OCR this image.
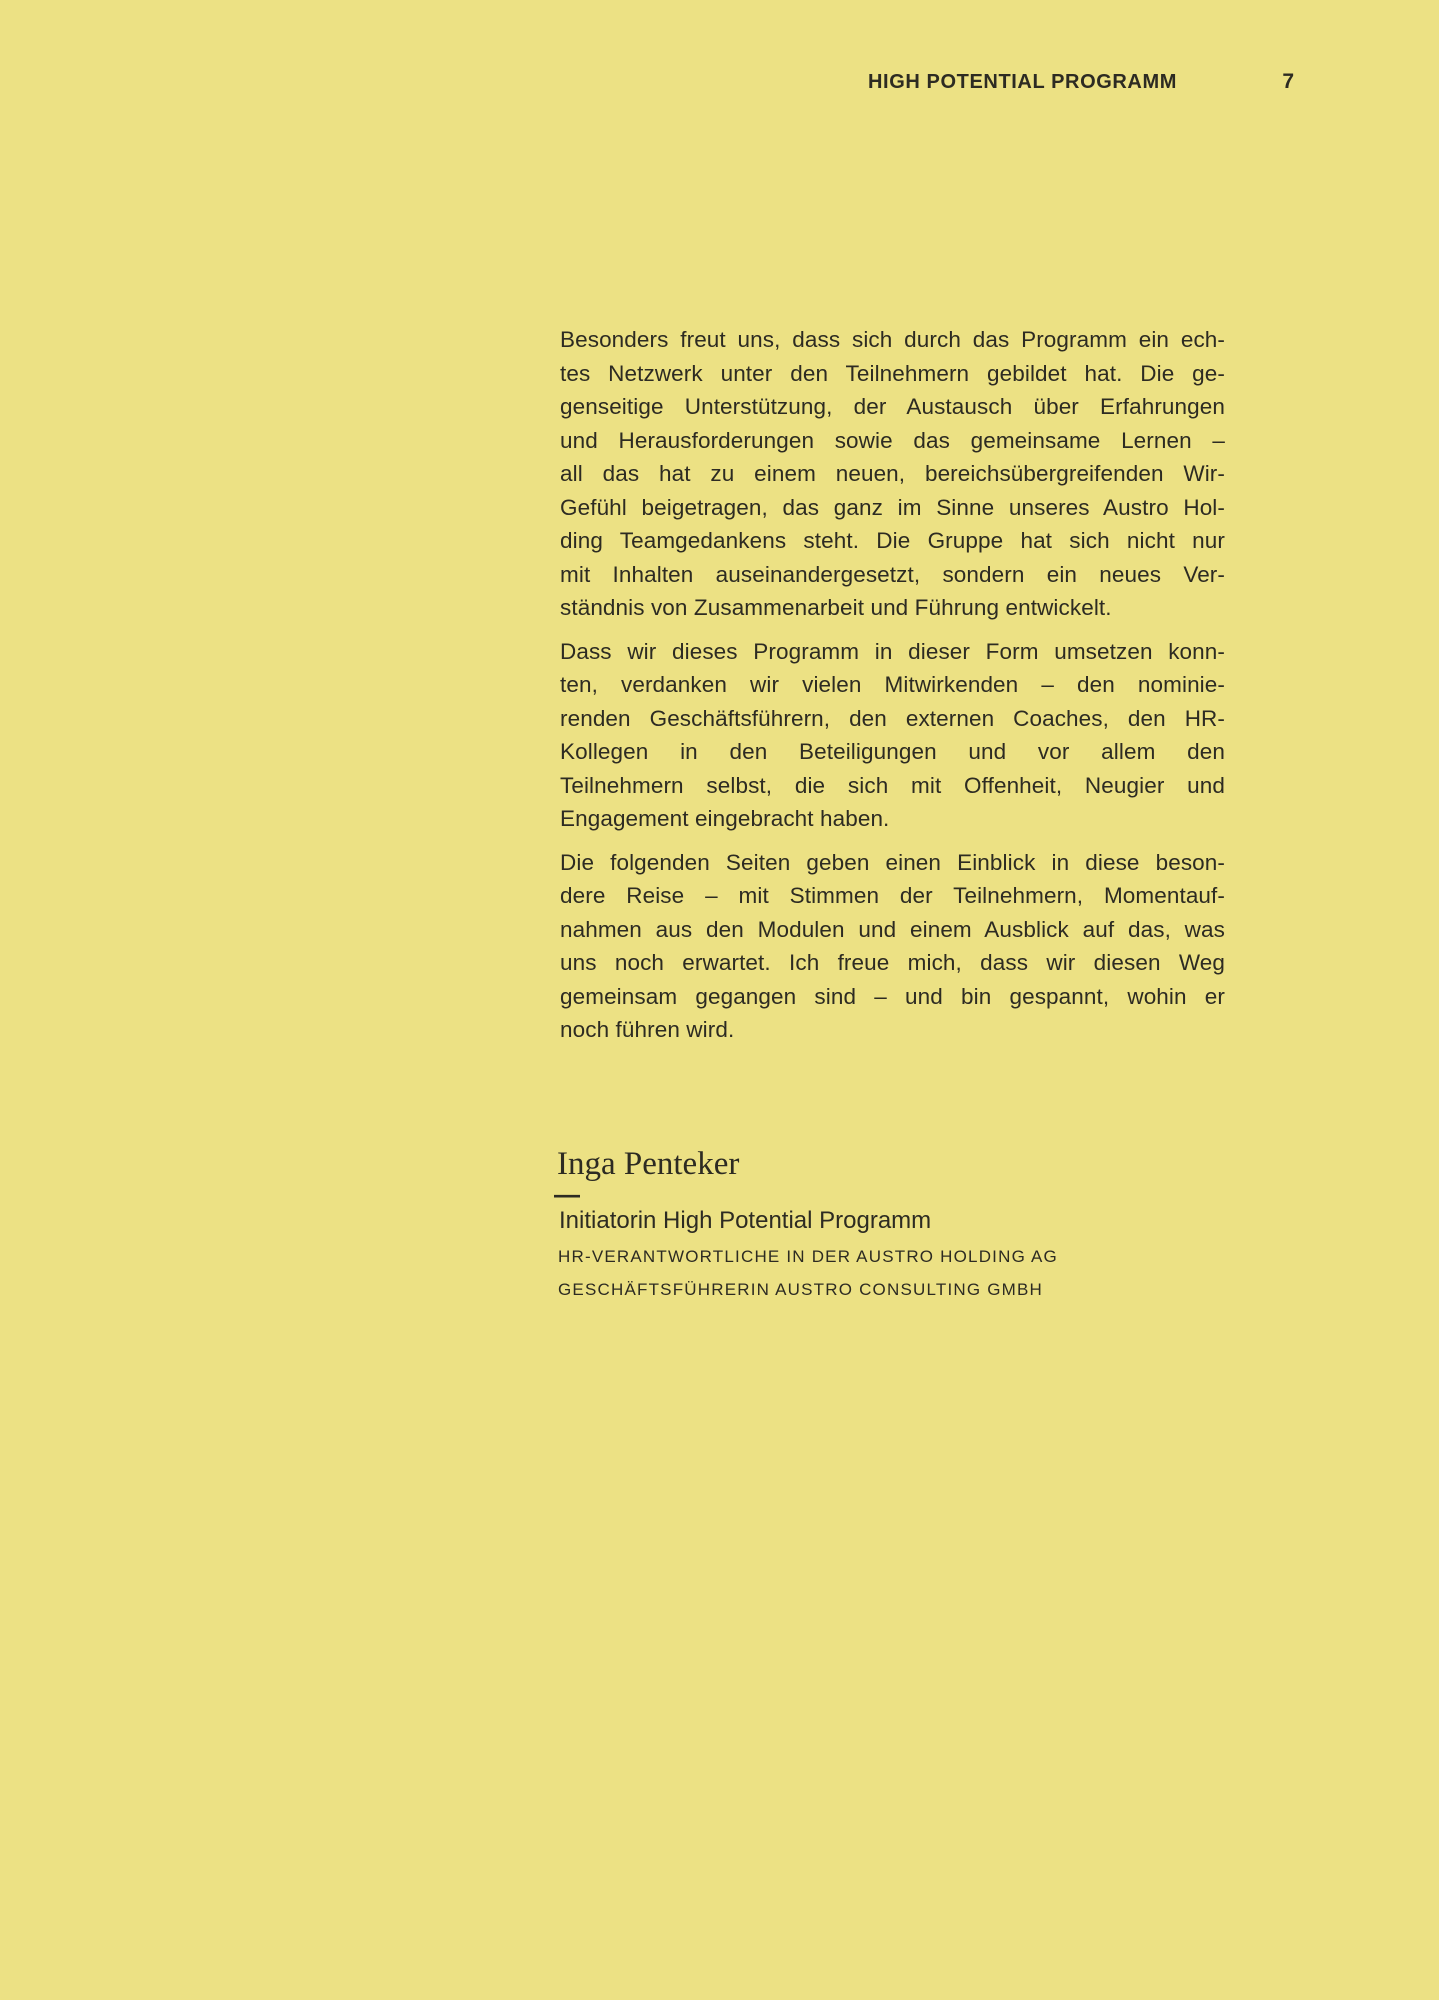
HIGH POTENTIAL PROGRAMM	7
Besonders freut uns, dass sich durch das Programm ein ech-
tes Netzwerk unter den Teilnehmern gebildet hat. Die ge-
genseitige Unterstützung, der Austausch über Erfahrungen
und Herausforderungen sowie das gemeinsame Lernen –
all das hat zu einem neuen, bereichsübergreifenden Wir-
Gefühl beigetragen, das ganz im Sinne unseres Austro Hol-
ding Teamgedankens steht. Die Gruppe hat sich nicht nur
mit Inhalten auseinandergesetzt, sondern ein neues Ver-
ständnis von Zusammenarbeit und Führung entwickelt.
Dass wir dieses Programm in dieser Form umsetzen konn-
ten, verdanken wir vielen Mitwirkenden – den nominie-
renden Geschäftsführern, den externen Coaches, den HR-
Kollegen in den Beteiligungen und vor allem den
Teilnehmern selbst, die sich mit Offenheit, Neugier und
Engagement eingebracht haben.
Die folgenden Seiten geben einen Einblick in diese beson-
dere Reise – mit Stimmen der Teilnehmern, Momentauf-
nahmen aus den Modulen und einem Ausblick auf das, was
uns noch erwartet. Ich freue mich, dass wir diesen Weg
gemeinsam gegangen sind – und bin gespannt, wohin er
noch führen wird.
Inga Penteker
—
Initiatorin High Potential Programm
HR-VERANTWORTLICHE IN DER AUSTRO HOLDING AG
GESCHÄFTSFÜHRERIN AUSTRO CONSULTING GMBH
